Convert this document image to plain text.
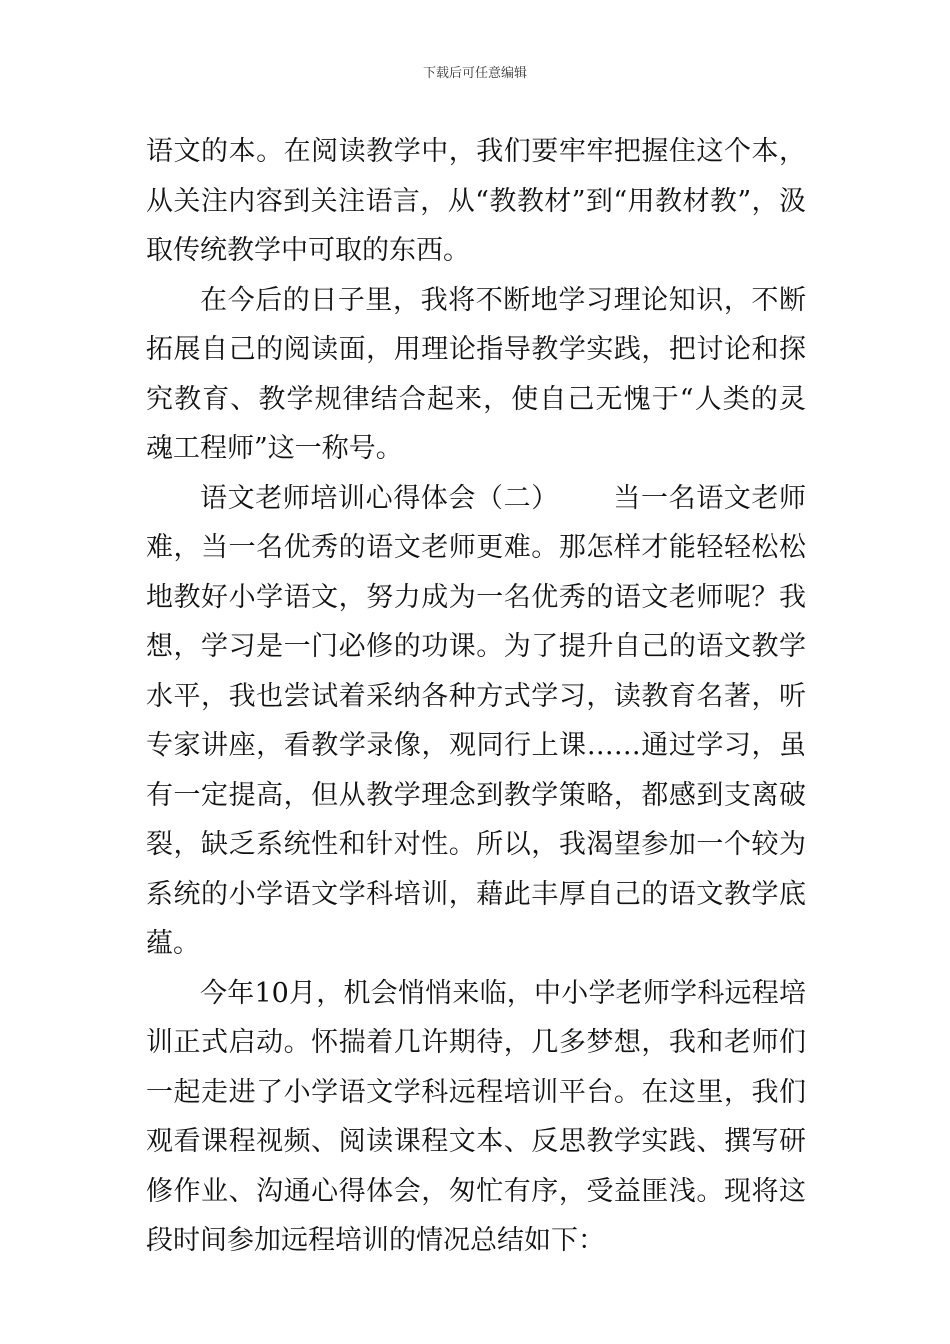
下载后可任意编辑

语文的本。在阅读教学中，我们要牢牢把握住这个本，从关注内容到关注语言，从“教教材”到“用教材教”，汲取传统教学中可取的东西。

在今后的日子里，我将不断地学习理论知识，不断拓展自己的阅读面，用理论指导教学实践，把讨论和探究教育、教学规律结合起来，使自己无愧于“人类的灵魂工程师”这一称号。

语文老师培训心得体会（二） 当一名语文老师难，当一名优秀的语文老师更难。那怎样才能轻轻松松地教好小学语文，努力成为一名优秀的语文老师呢？我想，学习是一门必修的功课。为了提升自己的语文教学水平，我也尝试着采纳各种方式学习，读教育名著，听专家讲座，看教学录像，观同行上课……通过学习，虽有一定提高，但从教学理念到教学策略，都感到支离破裂，缺乏系统性和针对性。所以，我渴望参加一个较为系统的小学语文学科培训，藉此丰厚自己的语文教学底蕴。

今年10月，机会悄悄来临，中小学老师学科远程培训正式启动。怀揣着几许期待，几多梦想，我和老师们一起走进了小学语文学科远程培训平台。在这里，我们观看课程视频、阅读课程文本、反思教学实践、撰写研修作业、沟通心得体会，匆忙有序，受益匪浅。现将这段时间参加远程培训的情况总结如下：
